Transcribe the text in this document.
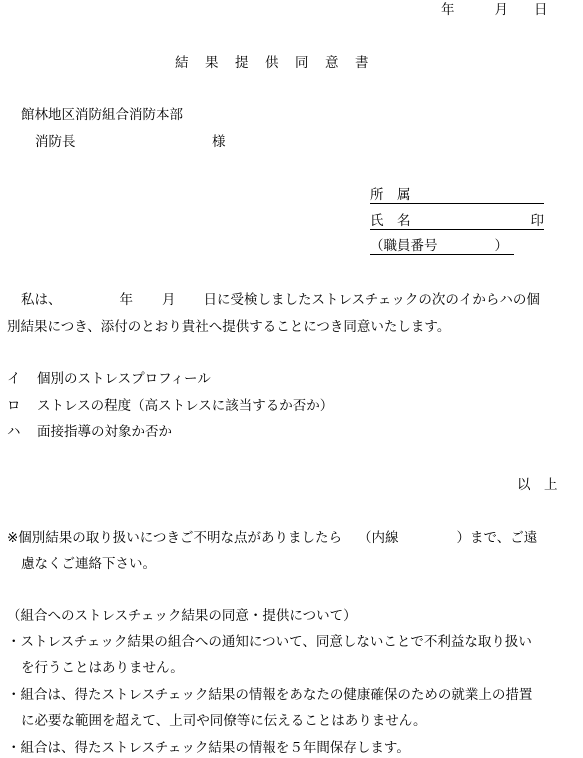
年	月 日
結 果 提 供 同 意 書
館林地区消防組合消防本部
消防長	様
所　属
氏　名	印
（職員番号	）
私は、	年 月 日に受検しましたストレスチェックの次のイからハの個
別結果につき、添付のとおり貴社へ提供することにつき同意いたします。
イ 個別のストレスプロフィール
ロ ストレスの程度（高ストレスに該当するか否か）
ハ 面接指導の対象か否か
以　上
※個別結果の取り扱いにつきご不明な点がありましたら （内線	）まで、ご遠
慮なくご連絡下さい。
（組合へのストレスチェック結果の同意・提供について）
・ストレスチェック結果の組合への通知について、同意しないことで不利益な取り扱い
を行うことはありません。
・組合は、得たストレスチェック結果の情報をあなたの健康確保のための就業上の措置
に必要な範囲を超えて、上司や同僚等に伝えることはありません。
・組合は、得たストレスチェック結果の情報を５年間保存します。
